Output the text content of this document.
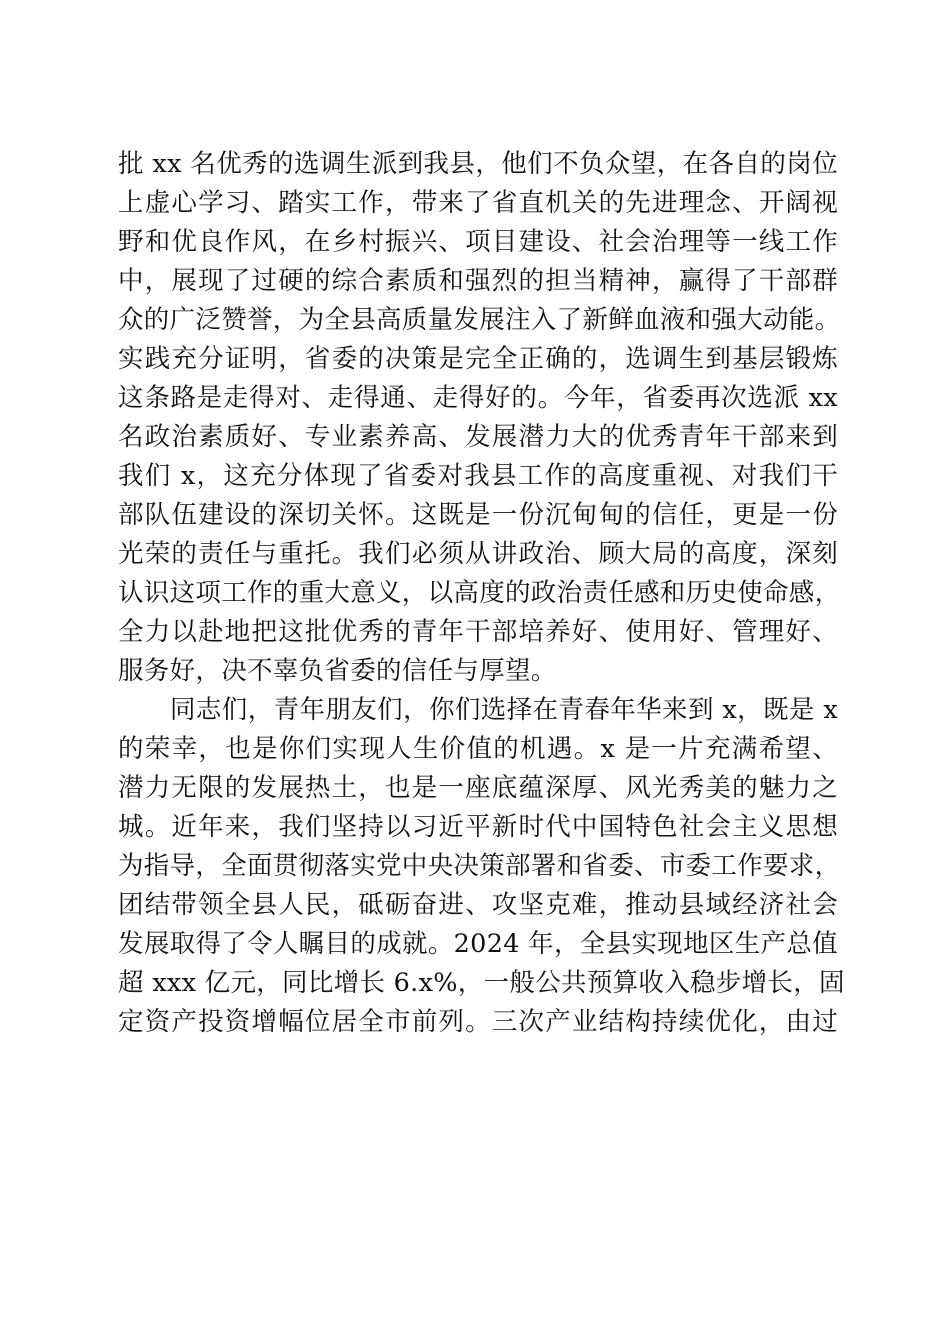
批 xx 名优秀的选调生派到我县，他们不负众望，在各自的岗位
上虚心学习、踏实工作，带来了省直机关的先进理念、开阔视
野和优良作风，在乡村振兴、项目建设、社会治理等一线工作
中，展现了过硬的综合素质和强烈的担当精神，赢得了干部群
众的广泛赞誉，为全县高质量发展注入了新鲜血液和强大动能。
实践充分证明，省委的决策是完全正确的，选调生到基层锻炼
这条路是走得对、走得通、走得好的。今年，省委再次选派 xx
名政治素质好、专业素养高、发展潜力大的优秀青年干部来到
我们 x，这充分体现了省委对我县工作的高度重视、对我们干
部队伍建设的深切关怀。这既是一份沉甸甸的信任，更是一份
光荣的责任与重托。我们必须从讲政治、顾大局的高度，深刻
认识这项工作的重大意义，以高度的政治责任感和历史使命感，
全力以赴地把这批优秀的青年干部培养好、使用好、管理好、
服务好，决不辜负省委的信任与厚望。
同志们，青年朋友们，你们选择在青春年华来到 x，既是 x
的荣幸，也是你们实现人生价值的机遇。x 是一片充满希望、
潜力无限的发展热土，也是一座底蕴深厚、风光秀美的魅力之
城。近年来，我们坚持以习近平新时代中国特色社会主义思想
为指导，全面贯彻落实党中央决策部署和省委、市委工作要求，
团结带领全县人民，砥砺奋进、攻坚克难，推动县域经济社会
发展取得了令人瞩目的成就。2024 年，全县实现地区生产总值
超 xxx 亿元，同比增长 6.x%，一般公共预算收入稳步增长，固
定资产投资增幅位居全市前列。三次产业结构持续优化，由过
